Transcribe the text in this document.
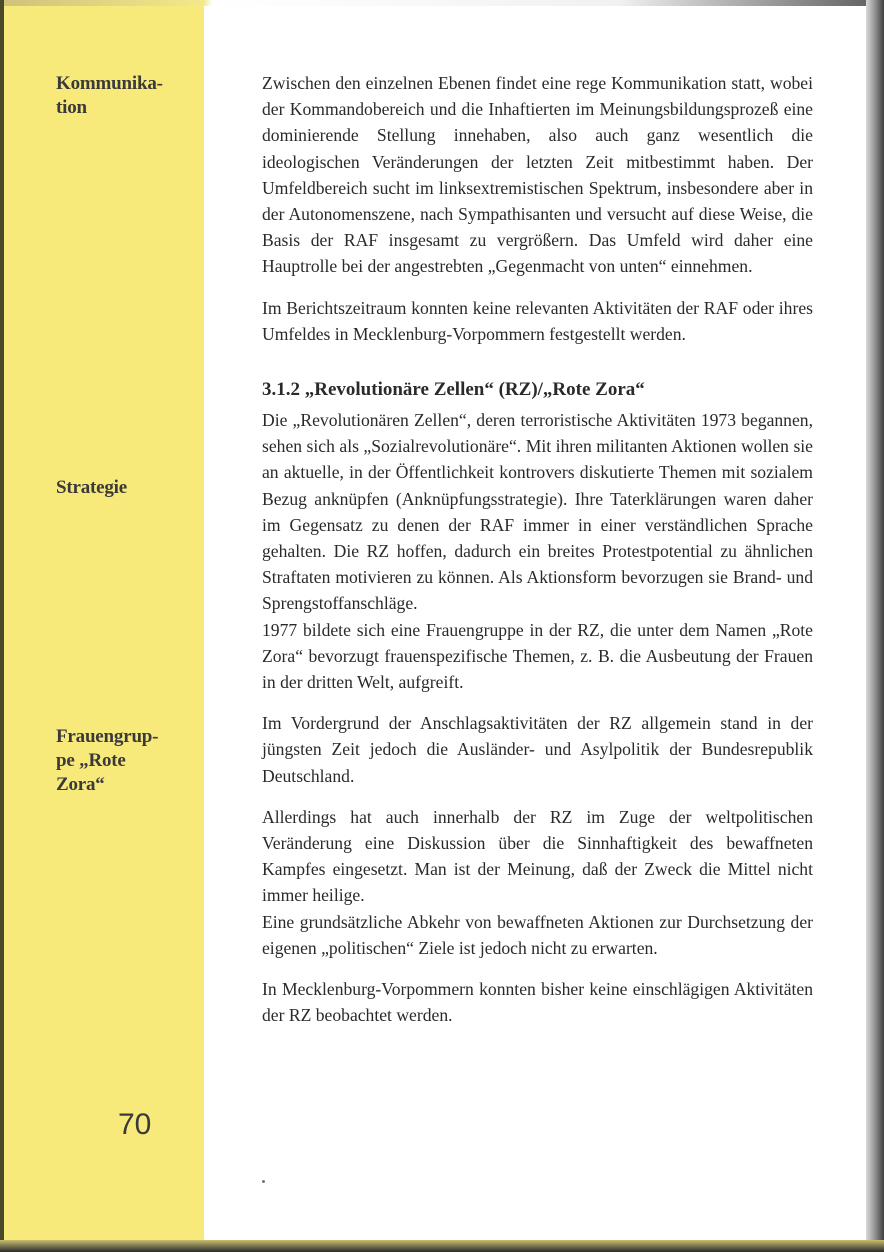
Kommunika-
tion
Strategie
Frauengrup-
pe „Rote
Zora“
70

Zwischen den einzelnen Ebenen findet eine rege Kommunikation statt, wobei der Kommandobereich und die Inhaftierten im Meinungsbildungsprozeß eine dominierende Stellung innehaben, also auch ganz wesentlich die ideologischen Veränderungen der letzten Zeit mitbestimmt haben. Der Umfeldbereich sucht im linksextremistischen Spektrum, insbesondere aber in der Autonomenszene, nach Sympathisanten und versucht auf diese Weise, die Basis der RAF insgesamt zu vergrößern. Das Umfeld wird daher eine Hauptrolle bei der angestrebten „Gegenmacht von unten“ einnehmen.

Im Berichtszeitraum konnten keine relevanten Aktivitäten der RAF oder ihres Umfeldes in Mecklenburg-Vorpommern festgestellt werden.

3.1.2 „Revolutionäre Zellen“ (RZ)/„Rote Zora“

Die „Revolutionären Zellen“, deren terroristische Aktivitäten 1973 begannen, sehen sich als „Sozialrevolutionäre“. Mit ihren militanten Aktionen wollen sie an aktuelle, in der Öffentlichkeit kontrovers diskutierte Themen mit sozialem Bezug anknüpfen (Anknüpfungsstrategie). Ihre Taterklärungen waren daher im Gegensatz zu denen der RAF immer in einer verständlichen Sprache gehalten. Die RZ hoffen, dadurch ein breites Protestpotential zu ähnlichen Straftaten motivieren zu können. Als Aktionsform bevorzugen sie Brand- und Sprengstoffanschläge.

1977 bildete sich eine Frauengruppe in der RZ, die unter dem Namen „Rote Zora“ bevorzugt frauenspezifische Themen, z. B. die Ausbeutung der Frauen in der dritten Welt, aufgreift.

Im Vordergrund der Anschlagsaktivitäten der RZ allgemein stand in der jüngsten Zeit jedoch die Ausländer- und Asylpolitik der Bundesrepublik Deutschland.

Allerdings hat auch innerhalb der RZ im Zuge der weltpolitischen Veränderung eine Diskussion über die Sinnhaftigkeit des bewaffneten Kampfes eingesetzt. Man ist der Meinung, daß der Zweck die Mittel nicht immer heilige.

Eine grundsätzliche Abkehr von bewaffneten Aktionen zur Durchsetzung der eigenen „politischen“ Ziele ist jedoch nicht zu erwarten.

In Mecklenburg-Vorpommern konnten bisher keine einschlägigen Aktivitäten der RZ beobachtet werden.
